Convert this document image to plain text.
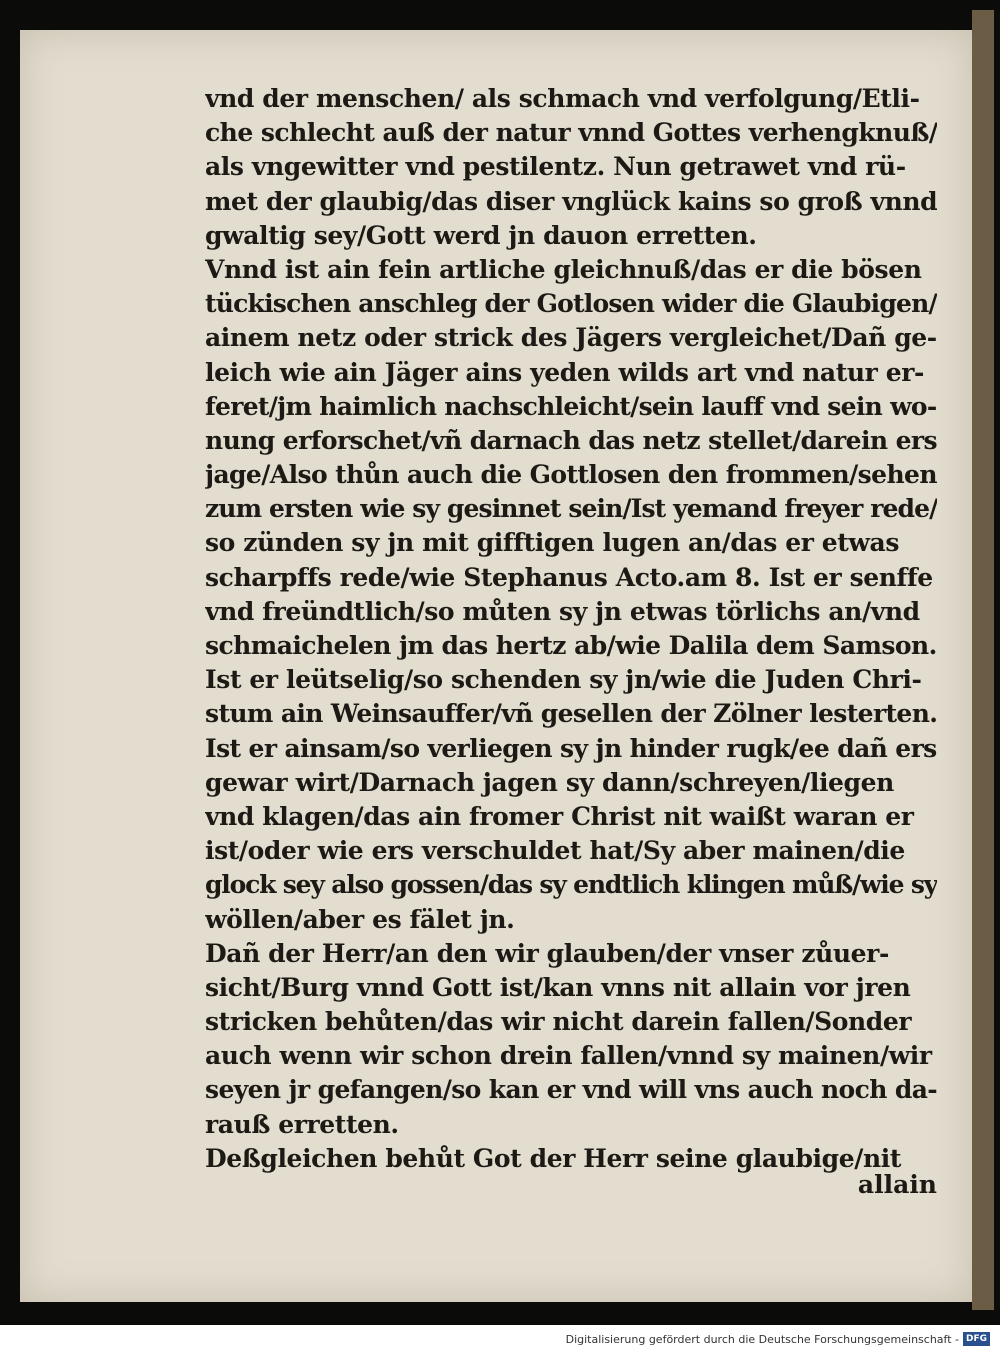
vnd der menschen/ als schmach vnd verfolgung/Etli‑
che schlecht auß der natur vnnd Gottes verhengknuß/
als vngewitter vnd pestilentz. Nun getrawet vnd rü‑
met der glaubig/das diser vnglück kains so groß vnnd
gwaltig sey/Gott werd jn dauon erretten.
Vnnd ist ain fein artliche gleichnuß/das er die bösen
tückischen anschleg der Gotlosen wider die Glaubigen/
ainem netz oder strick des Jägers vergleichet/Dañ ge‑
leich wie ain Jäger ains yeden wilds art vnd natur er‑
feret/jm haimlich nachschleicht/sein lauff vnd sein wo‑
nung erforschet/vñ darnach das netz stellet/darein ers
jage/Also thůn auch die Gottlosen den frommen/sehen
zum ersten wie sy gesinnet sein/Ist yemand freyer rede/
so zünden sy jn mit gifftigen lugen an/das er etwas
scharpffs rede/wie Stephanus Acto.am 8. Ist er senffe
vnd freündtlich/so můten sy jn etwas törlichs an/vnd
schmaichelen jm das hertz ab/wie Dalila dem Samson.
Ist er leütselig/so schenden sy jn/wie die Juden Chri‑
stum ain Weinsauffer/vñ gesellen der Zölner lesterten.
Ist er ainsam/so verliegen sy jn hinder rugk/ee dañ ers
gewar wirt/Darnach jagen sy dann/schreyen/liegen
vnd klagen/das ain fromer Christ nit waißt waran er
ist/oder wie ers verschuldet hat/Sy aber mainen/die
glock sey also gossen/das sy endtlich klingen můß/wie sy
wöllen/aber es fälet jn.
Dañ der Herr/an den wir glauben/der vnser zůuer‑
sicht/Burg vnnd Gott ist/kan vnns nit allain vor jren
stricken behůten/das wir nicht darein fallen/Sonder
auch wenn wir schon drein fallen/vnnd sy mainen/wir
seyen jr gefangen/so kan er vnd will vns auch noch da‑
rauß erretten.
Deßgleichen behůt Got der Herr seine glaubige/nit
allain
Digitalisierung gefördert durch die Deutsche Forschungsgemeinschaft - DFG
